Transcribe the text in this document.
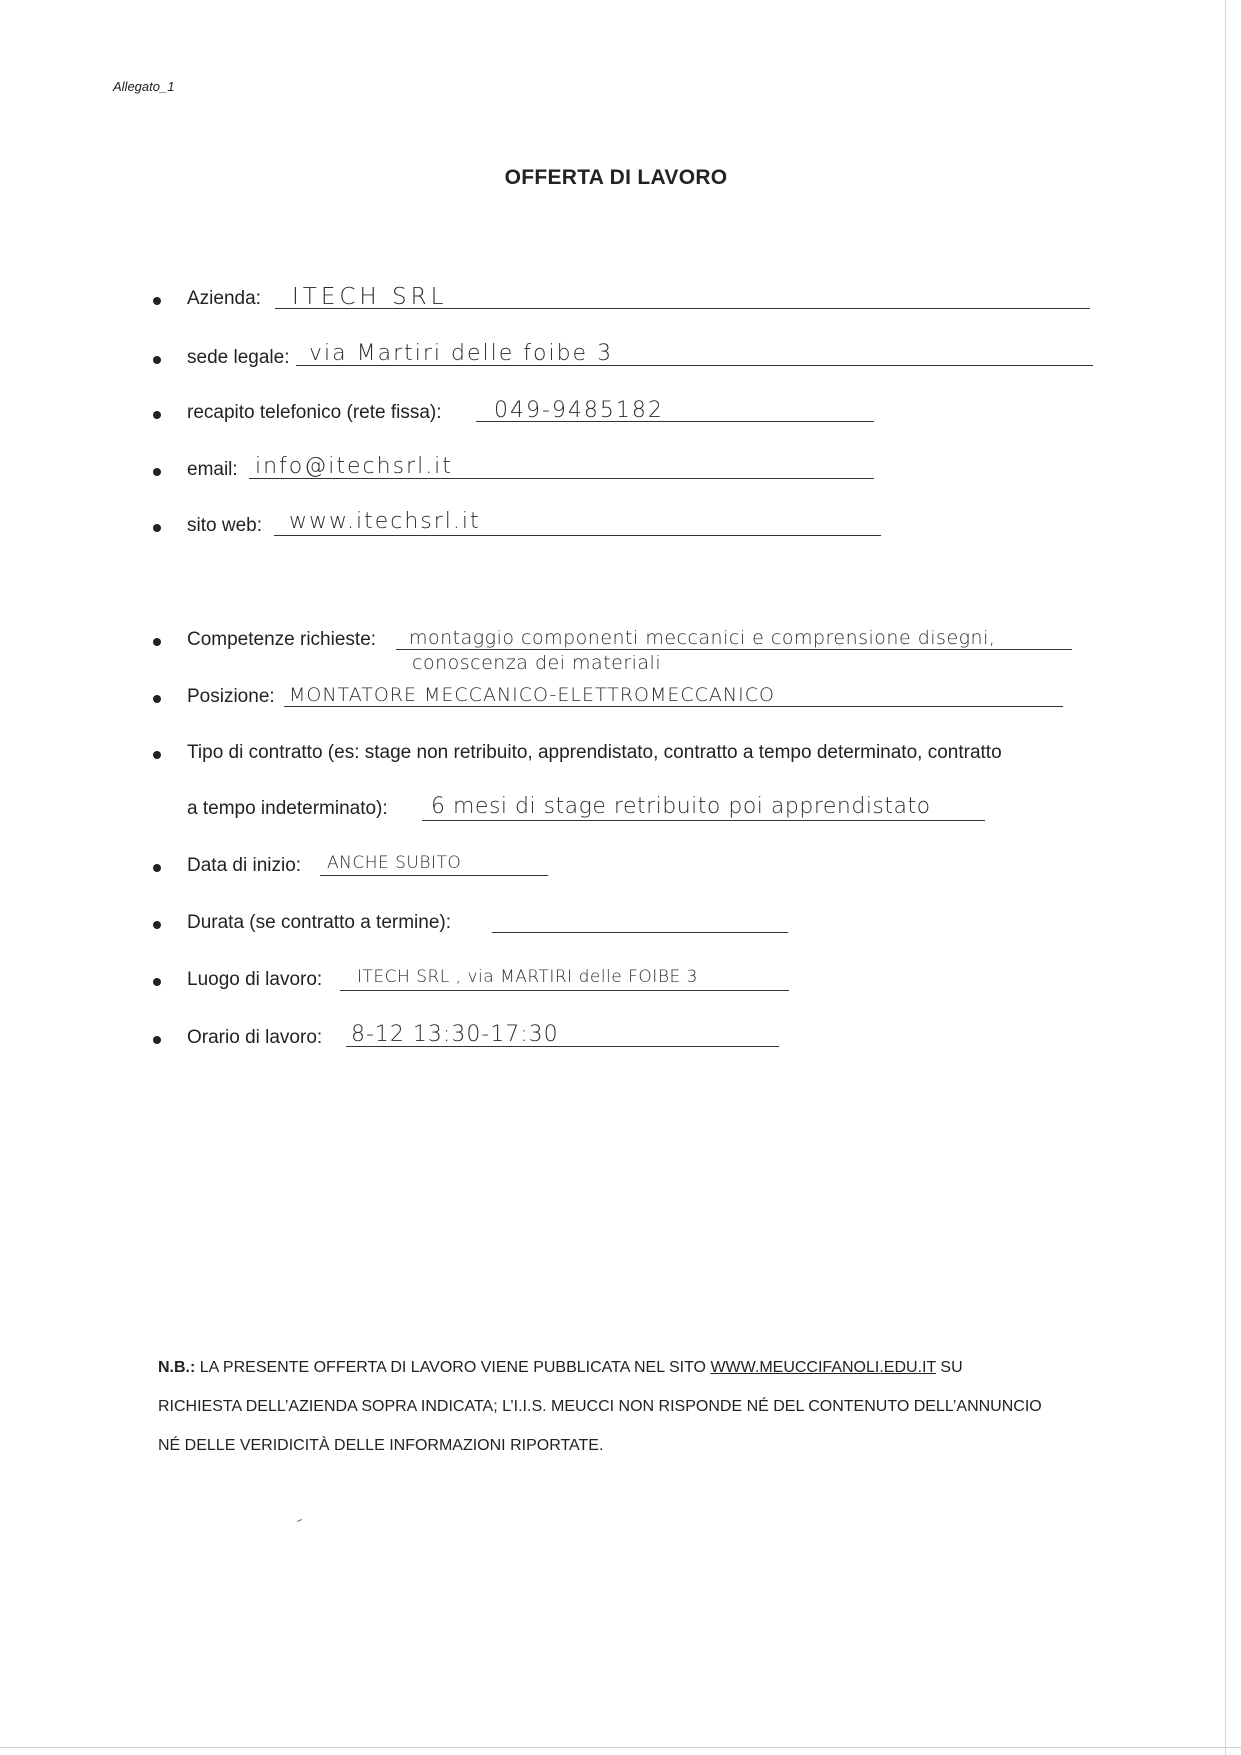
Allegato_1
OFFERTA DI LAVORO
Azienda: ITECH SRL
sede legale: via Martiri delle foibe 3
recapito telefonico (rete fissa): 049-9485182
email: info@itechsrl.it
sito web: www.itechsrl.it
Competenze richieste: montaggio componenti meccanici e comprensione disegni,
conoscenza dei materiali
Posizione: MONTATORE MECCANICO-ELETTROMECCANICO
Tipo di contratto (es: stage non retribuito, apprendistato, contratto a tempo determinato, contratto
a tempo indeterminato): 6 mesi di stage retribuito poi apprendistato
Data di inizio: ANCHE SUBITO
Durata (se contratto a termine):
Luogo di lavoro: ITECH SRL , via MARTIRI delle FOIBE 3
Orario di lavoro: 8-12 13:30-17:30
N.B.: LA PRESENTE OFFERTA DI LAVORO VIENE PUBBLICATA NEL SITO WWW.MEUCCIFANOLI.EDU.IT SU
RICHIESTA DELL’AZIENDA SOPRA INDICATA; L’I.I.S. MEUCCI NON RISPONDE NÉ DEL CONTENUTO DELL’ANNUNCIO
NÉ DELLE VERIDICITÀ DELLE INFORMAZIONI RIPORTATE.
